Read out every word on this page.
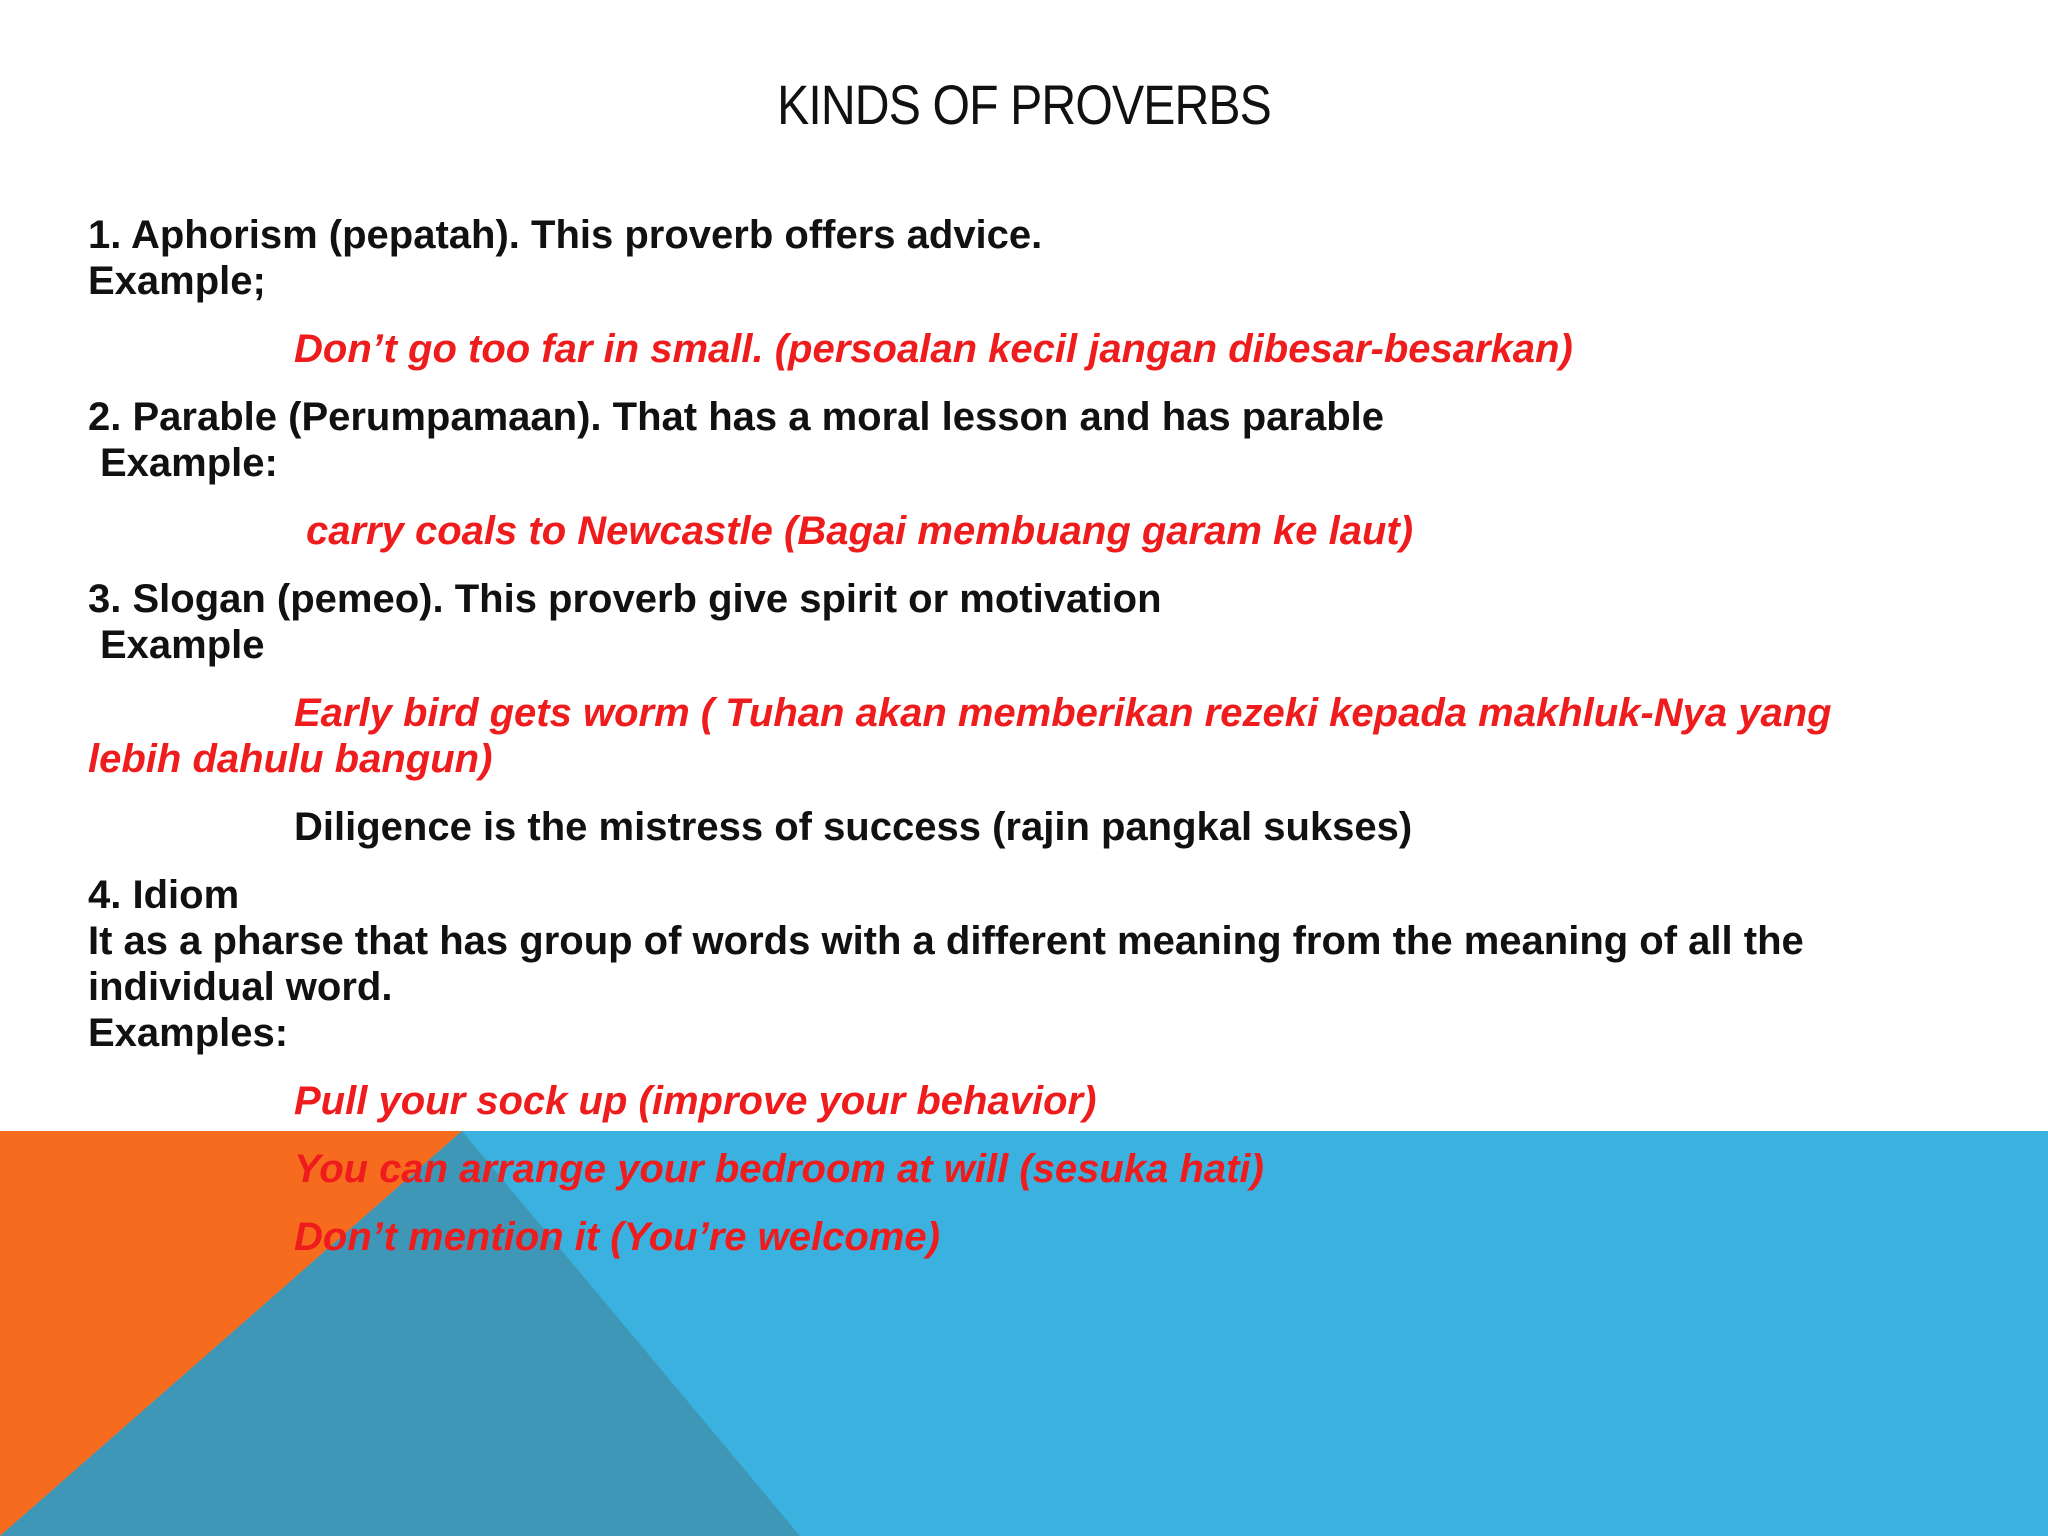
KINDS OF PROVERBS

1. Aphorism (pepatah). This proverb offers advice.

Example;

Don’t go too far in small. (persoalan kecil jangan dibesar-besarkan)

2. Parable (Perumpamaan). That has a moral lesson and has parable

Example:

carry coals to Newcastle (Bagai membuang garam ke laut)

3. Slogan (pemeo). This proverb give spirit or motivation

Example

Early bird gets worm ( Tuhan akan memberikan rezeki kepada makhluk-Nya yang

lebih dahulu bangun)

Diligence is the mistress of success (rajin pangkal sukses)

4. Idiom

It as a pharse that has group of words with a different meaning from the meaning of all the individual word.

Examples:

Pull your sock up (improve your behavior)

You can arrange your bedroom at will (sesuka hati)

Don’t mention it (You’re welcome)
